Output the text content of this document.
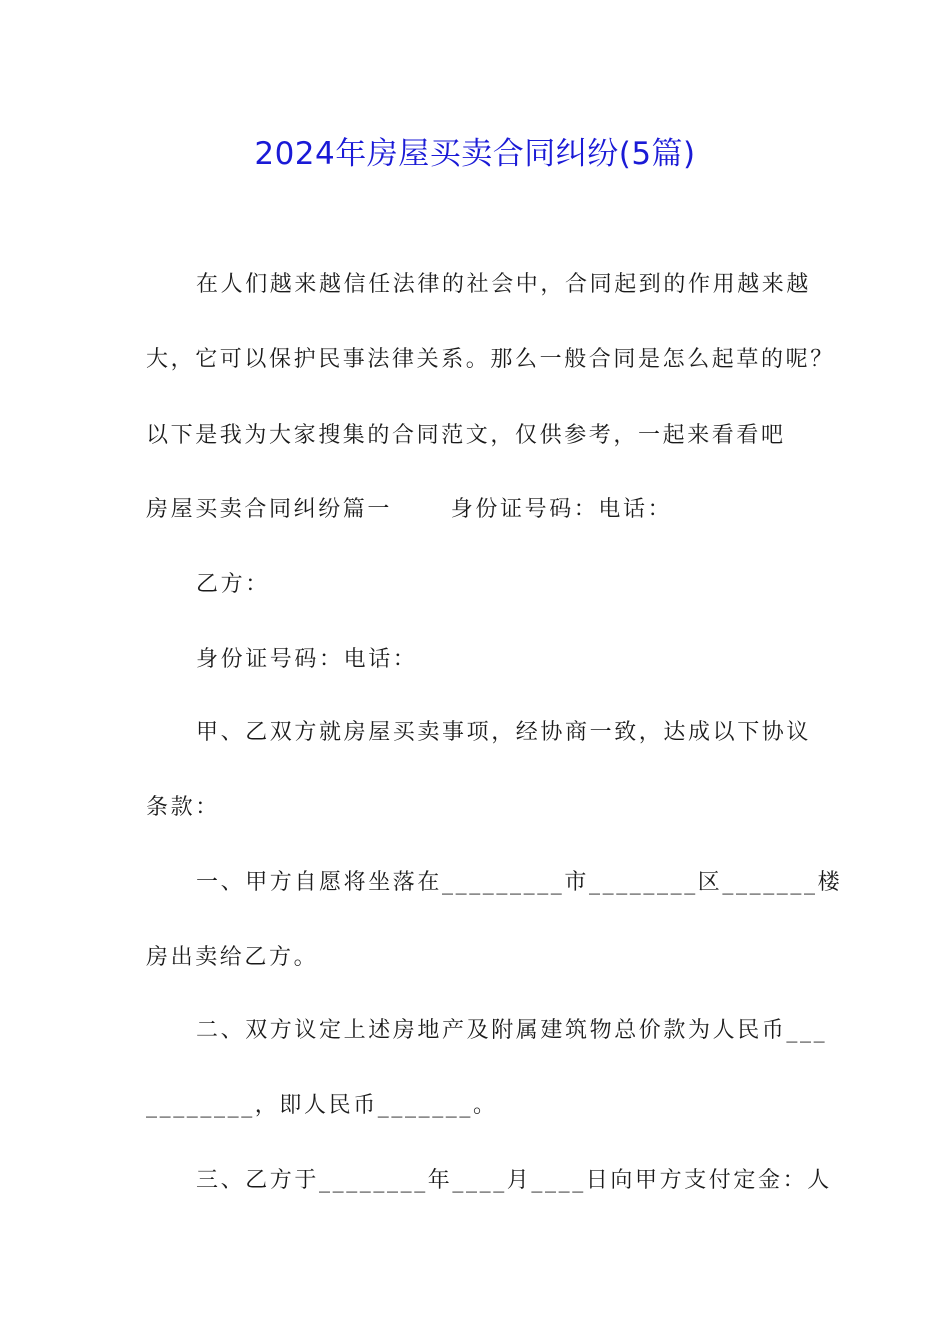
2024年房屋买卖合同纠纷(5篇)
在人们越来越信任法律的社会中，合同起到的作用越来越
大，它可以保护民事法律关系。那么一般合同是怎么起草的呢？
以下是我为大家搜集的合同范文，仅供参考，一起来看看吧
房屋买卖合同纠纷篇一　　 身份证号码：电话：
乙方：
身份证号码：电话：
甲、乙双方就房屋买卖事项，经协商一致，达成以下协议
条款：
一、甲方自愿将坐落在_________市________区_______楼
房出卖给乙方。
二、双方议定上述房地产及附属建筑物总价款为人民币___
________，即人民币_______。
三、乙方于________年____月____日向甲方支付定金：人
